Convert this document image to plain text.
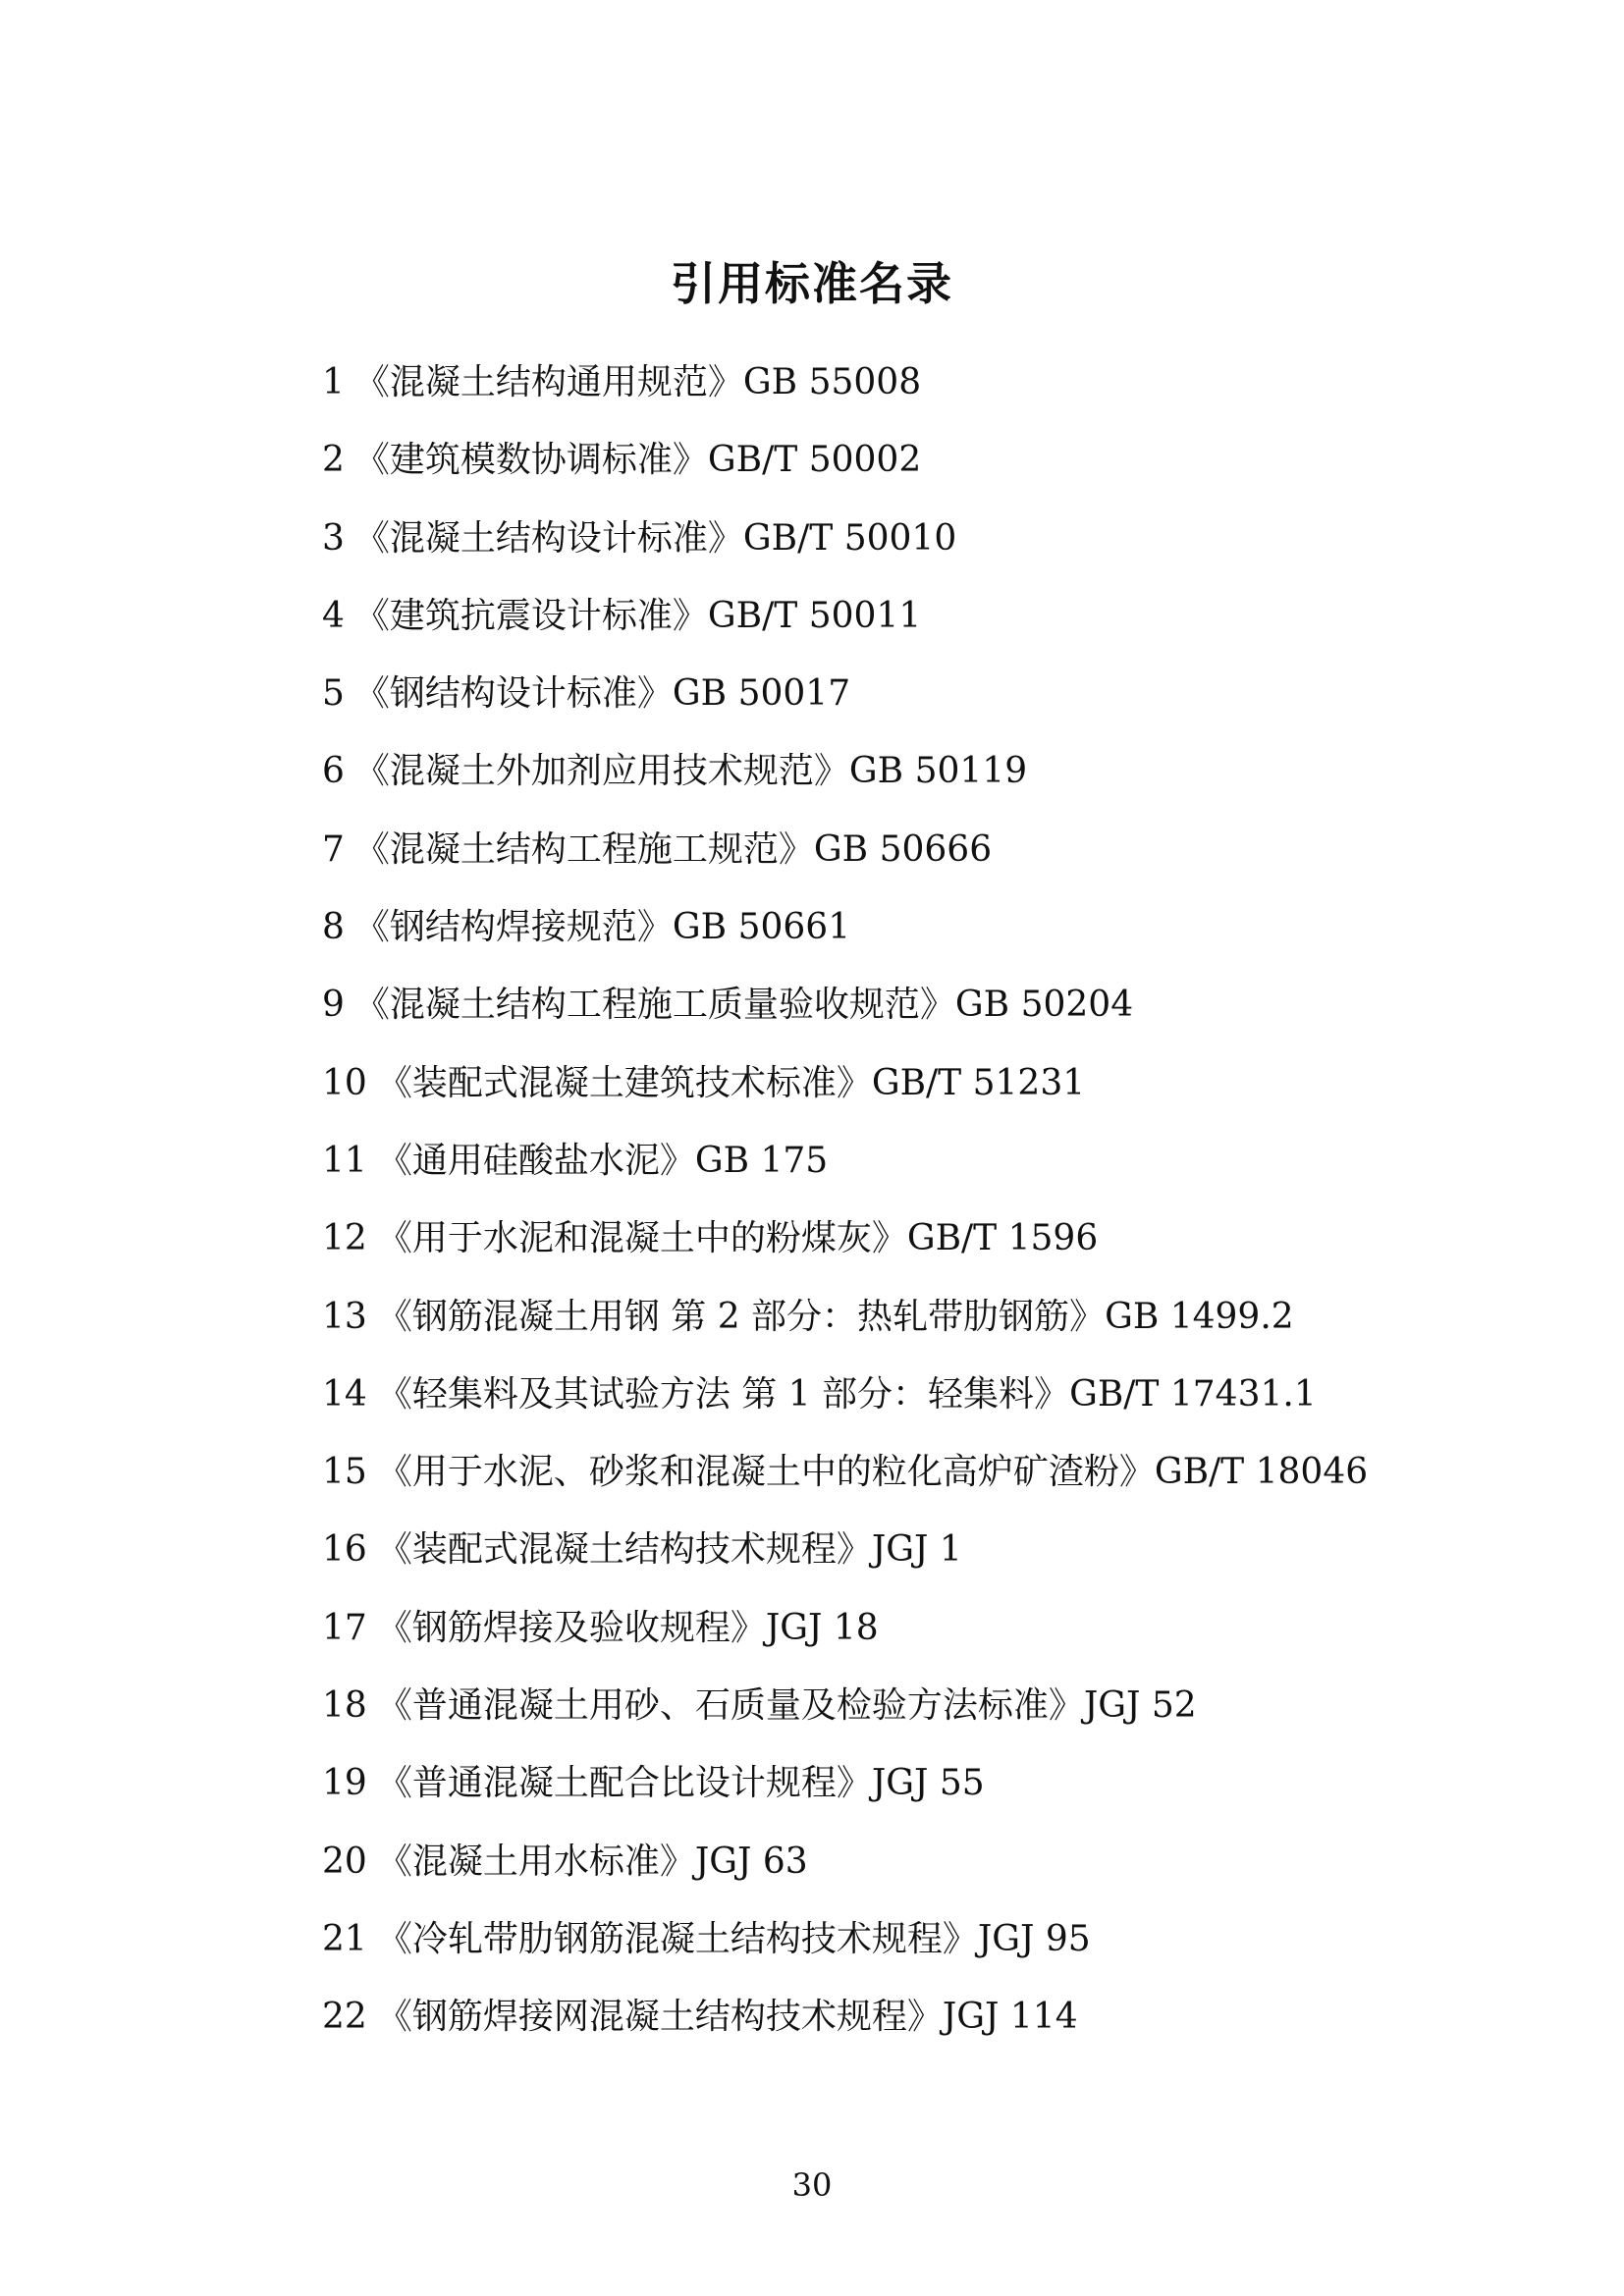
引用标准名录
1 《混凝土结构通用规范》GB 55008
2 《建筑模数协调标准》GB/T 50002
3 《混凝土结构设计标准》GB/T 50010
4 《建筑抗震设计标准》GB/T 50011
5 《钢结构设计标准》GB 50017
6 《混凝土外加剂应用技术规范》GB 50119
7 《混凝土结构工程施工规范》GB 50666
8 《钢结构焊接规范》GB 50661
9 《混凝土结构工程施工质量验收规范》GB 50204
10 《装配式混凝土建筑技术标准》GB/T 51231
11 《通用硅酸盐水泥》GB 175
12 《用于水泥和混凝土中的粉煤灰》GB/T 1596
13 《钢筋混凝土用钢 第 2 部分：热轧带肋钢筋》GB 1499.2
14 《轻集料及其试验方法 第 1 部分：轻集料》GB/T 17431.1
15 《用于水泥、砂浆和混凝土中的粒化高炉矿渣粉》GB/T 18046
16 《装配式混凝土结构技术规程》JGJ 1
17 《钢筋焊接及验收规程》JGJ 18
18 《普通混凝土用砂、石质量及检验方法标准》JGJ 52
19 《普通混凝土配合比设计规程》JGJ 55
20 《混凝土用水标准》JGJ 63
21 《冷轧带肋钢筋混凝土结构技术规程》JGJ 95
22 《钢筋焊接网混凝土结构技术规程》JGJ 114
30
